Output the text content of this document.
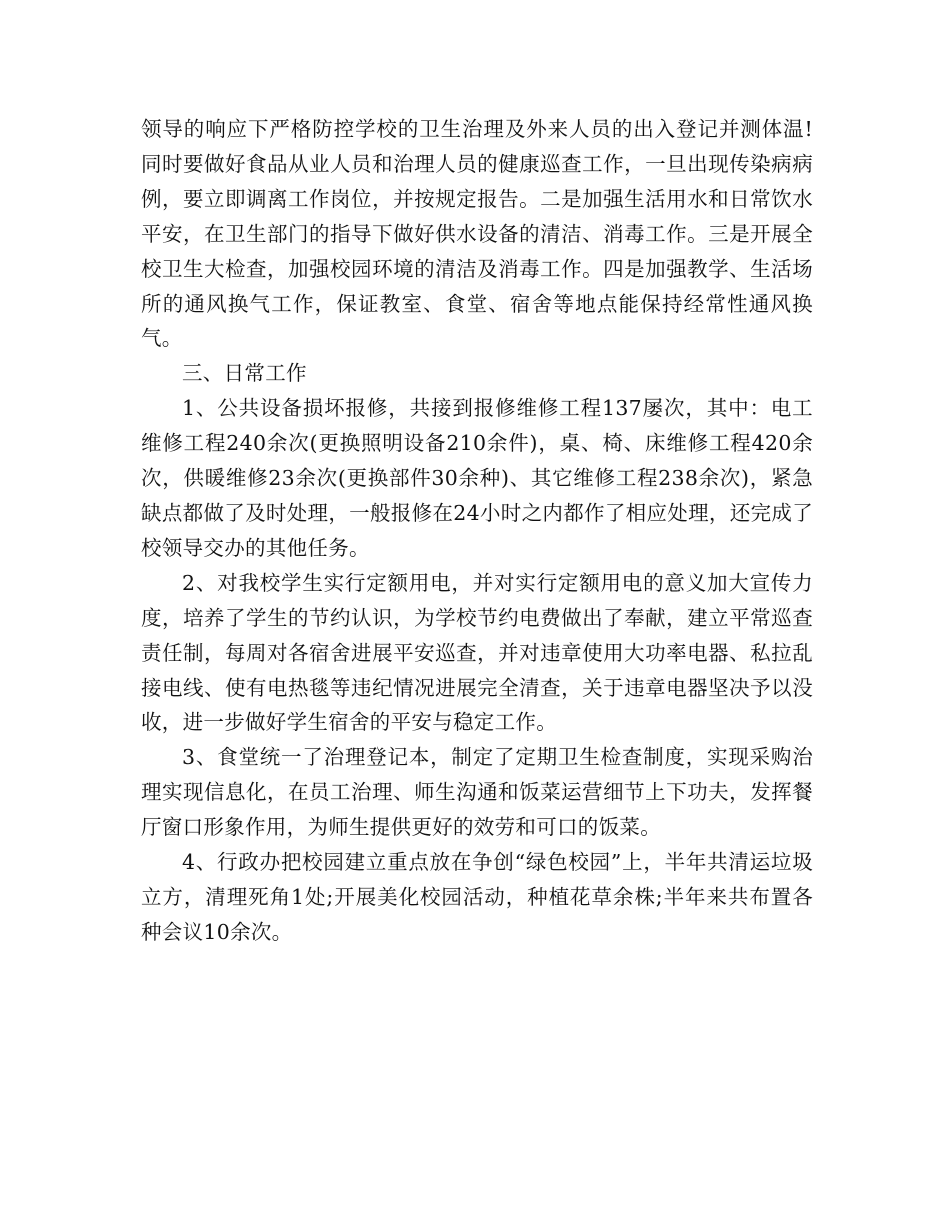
领导的响应下严格防控学校的卫生治理及外来人员的出入登记并测体温!同时要做好食品从业人员和治理人员的健康巡查工作，一旦出现传染病病例，要立即调离工作岗位，并按规定报告。二是加强生活用水和日常饮水平安，在卫生部门的指导下做好供水设备的清洁、消毒工作。三是开展全校卫生大检查，加强校园环境的清洁及消毒工作。四是加强教学、生活场所的通风换气工作，保证教室、食堂、宿舍等地点能保持经常性通风换气。

三、日常工作

1、公共设备损坏报修，共接到报修维修工程137屡次，其中：电工维修工程240余次(更换照明设备210余件)，桌、椅、床维修工程420余次，供暖维修23余次(更换部件30余种)、其它维修工程238余次)，紧急缺点都做了及时处理，一般报修在24小时之内都作了相应处理，还完成了校领导交办的其他任务。

2、对我校学生实行定额用电，并对实行定额用电的意义加大宣传力度，培养了学生的节约认识，为学校节约电费做出了奉献，建立平常巡查责任制，每周对各宿舍进展平安巡查，并对违章使用大功率电器、私拉乱接电线、使有电热毯等违纪情况进展完全清查，关于违章电器坚决予以没收，进一步做好学生宿舍的平安与稳定工作。

3、食堂统一了治理登记本，制定了定期卫生检查制度，实现采购治理实现信息化，在员工治理、师生沟通和饭菜运营细节上下功夫，发挥餐厅窗口形象作用，为师生提供更好的效劳和可口的饭菜。

4、行政办把校园建立重点放在争创“绿色校园”上，半年共清运垃圾立方，清理死角1处;开展美化校园活动，种植花草余株;半年来共布置各种会议10余次。
